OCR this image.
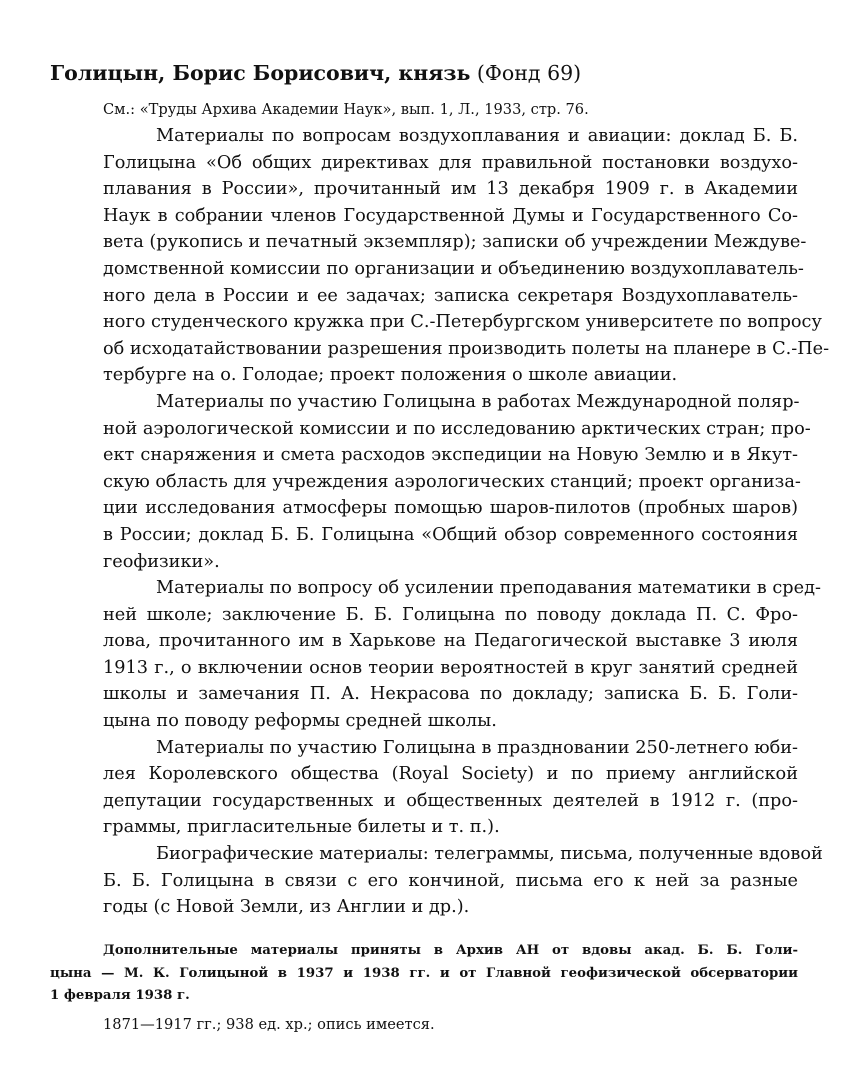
Голицын, Борис Борисович, князь (Фонд 69)
См.: «Труды Архива Академии Наук», вып. 1, Л., 1933, стр. 76.
Материалы по вопросам воздухоплавания и авиации: доклад Б. Б.
Голицына «Об общих директивах для правильной постановки воздухо-
плавания в России», прочитанный им 13 декабря 1909 г. в Академии
Наук в собрании членов Государственной Думы и Государственного Со-
вета (рукопись и печатный экземпляр); записки об учреждении Междуве-
домственной комиссии по организации и объединению воздухоплаватель-
ного дела в России и ее задачах; записка секретаря Воздухоплаватель-
ного студенческого кружка при С.-Петербургском университете по вопросу
об исходатайствовании разрешения производить полеты на планере в С.-Пе-
тербурге на о. Голодае; проект положения о школе авиации.
Материалы по участию Голицына в работах Международной поляр-
ной аэрологической комиссии и по исследованию арктических стран; про-
ект снаряжения и смета расходов экспедиции на Новую Землю и в Якут-
скую область для учреждения аэрологических станций; проект организа-
ции исследования атмосферы помощью шаров-пилотов (пробных шаров)
в России; доклад Б. Б. Голицына «Общий обзор современного состояния
геофизики».
Материалы по вопросу об усилении преподавания математики в сред-
ней школе; заключение Б. Б. Голицына по поводу доклада П. С. Фро-
лова, прочитанного им в Харькове на Педагогической выставке 3 июля
1913 г., о включении основ теории вероятностей в круг занятий средней
школы и замечания П. А. Некрасова по докладу; записка Б. Б. Голи-
цына по поводу реформы средней школы.
Материалы по участию Голицына в праздновании 250-летнего юби-
лея Королевского общества (Royal Society) и по приему английской
депутации государственных и общественных деятелей в 1912 г. (про-
граммы, пригласительные билеты и т. п.).
Биографические материалы: телеграммы, письма, полученные вдовой
Б. Б. Голицына в связи с его кончиной, письма его к ней за разные
годы (с Новой Земли, из Англии и др.).
Дополнительные материалы приняты в Архив АН от вдовы акад. Б. Б. Голи-
цына — М. К. Голицыной в 1937 и 1938 гг. и от Главной геофизической обсерватории
1 февраля 1938 г.
1871—1917 гг.; 938 ед. хр.; опись имеется.
